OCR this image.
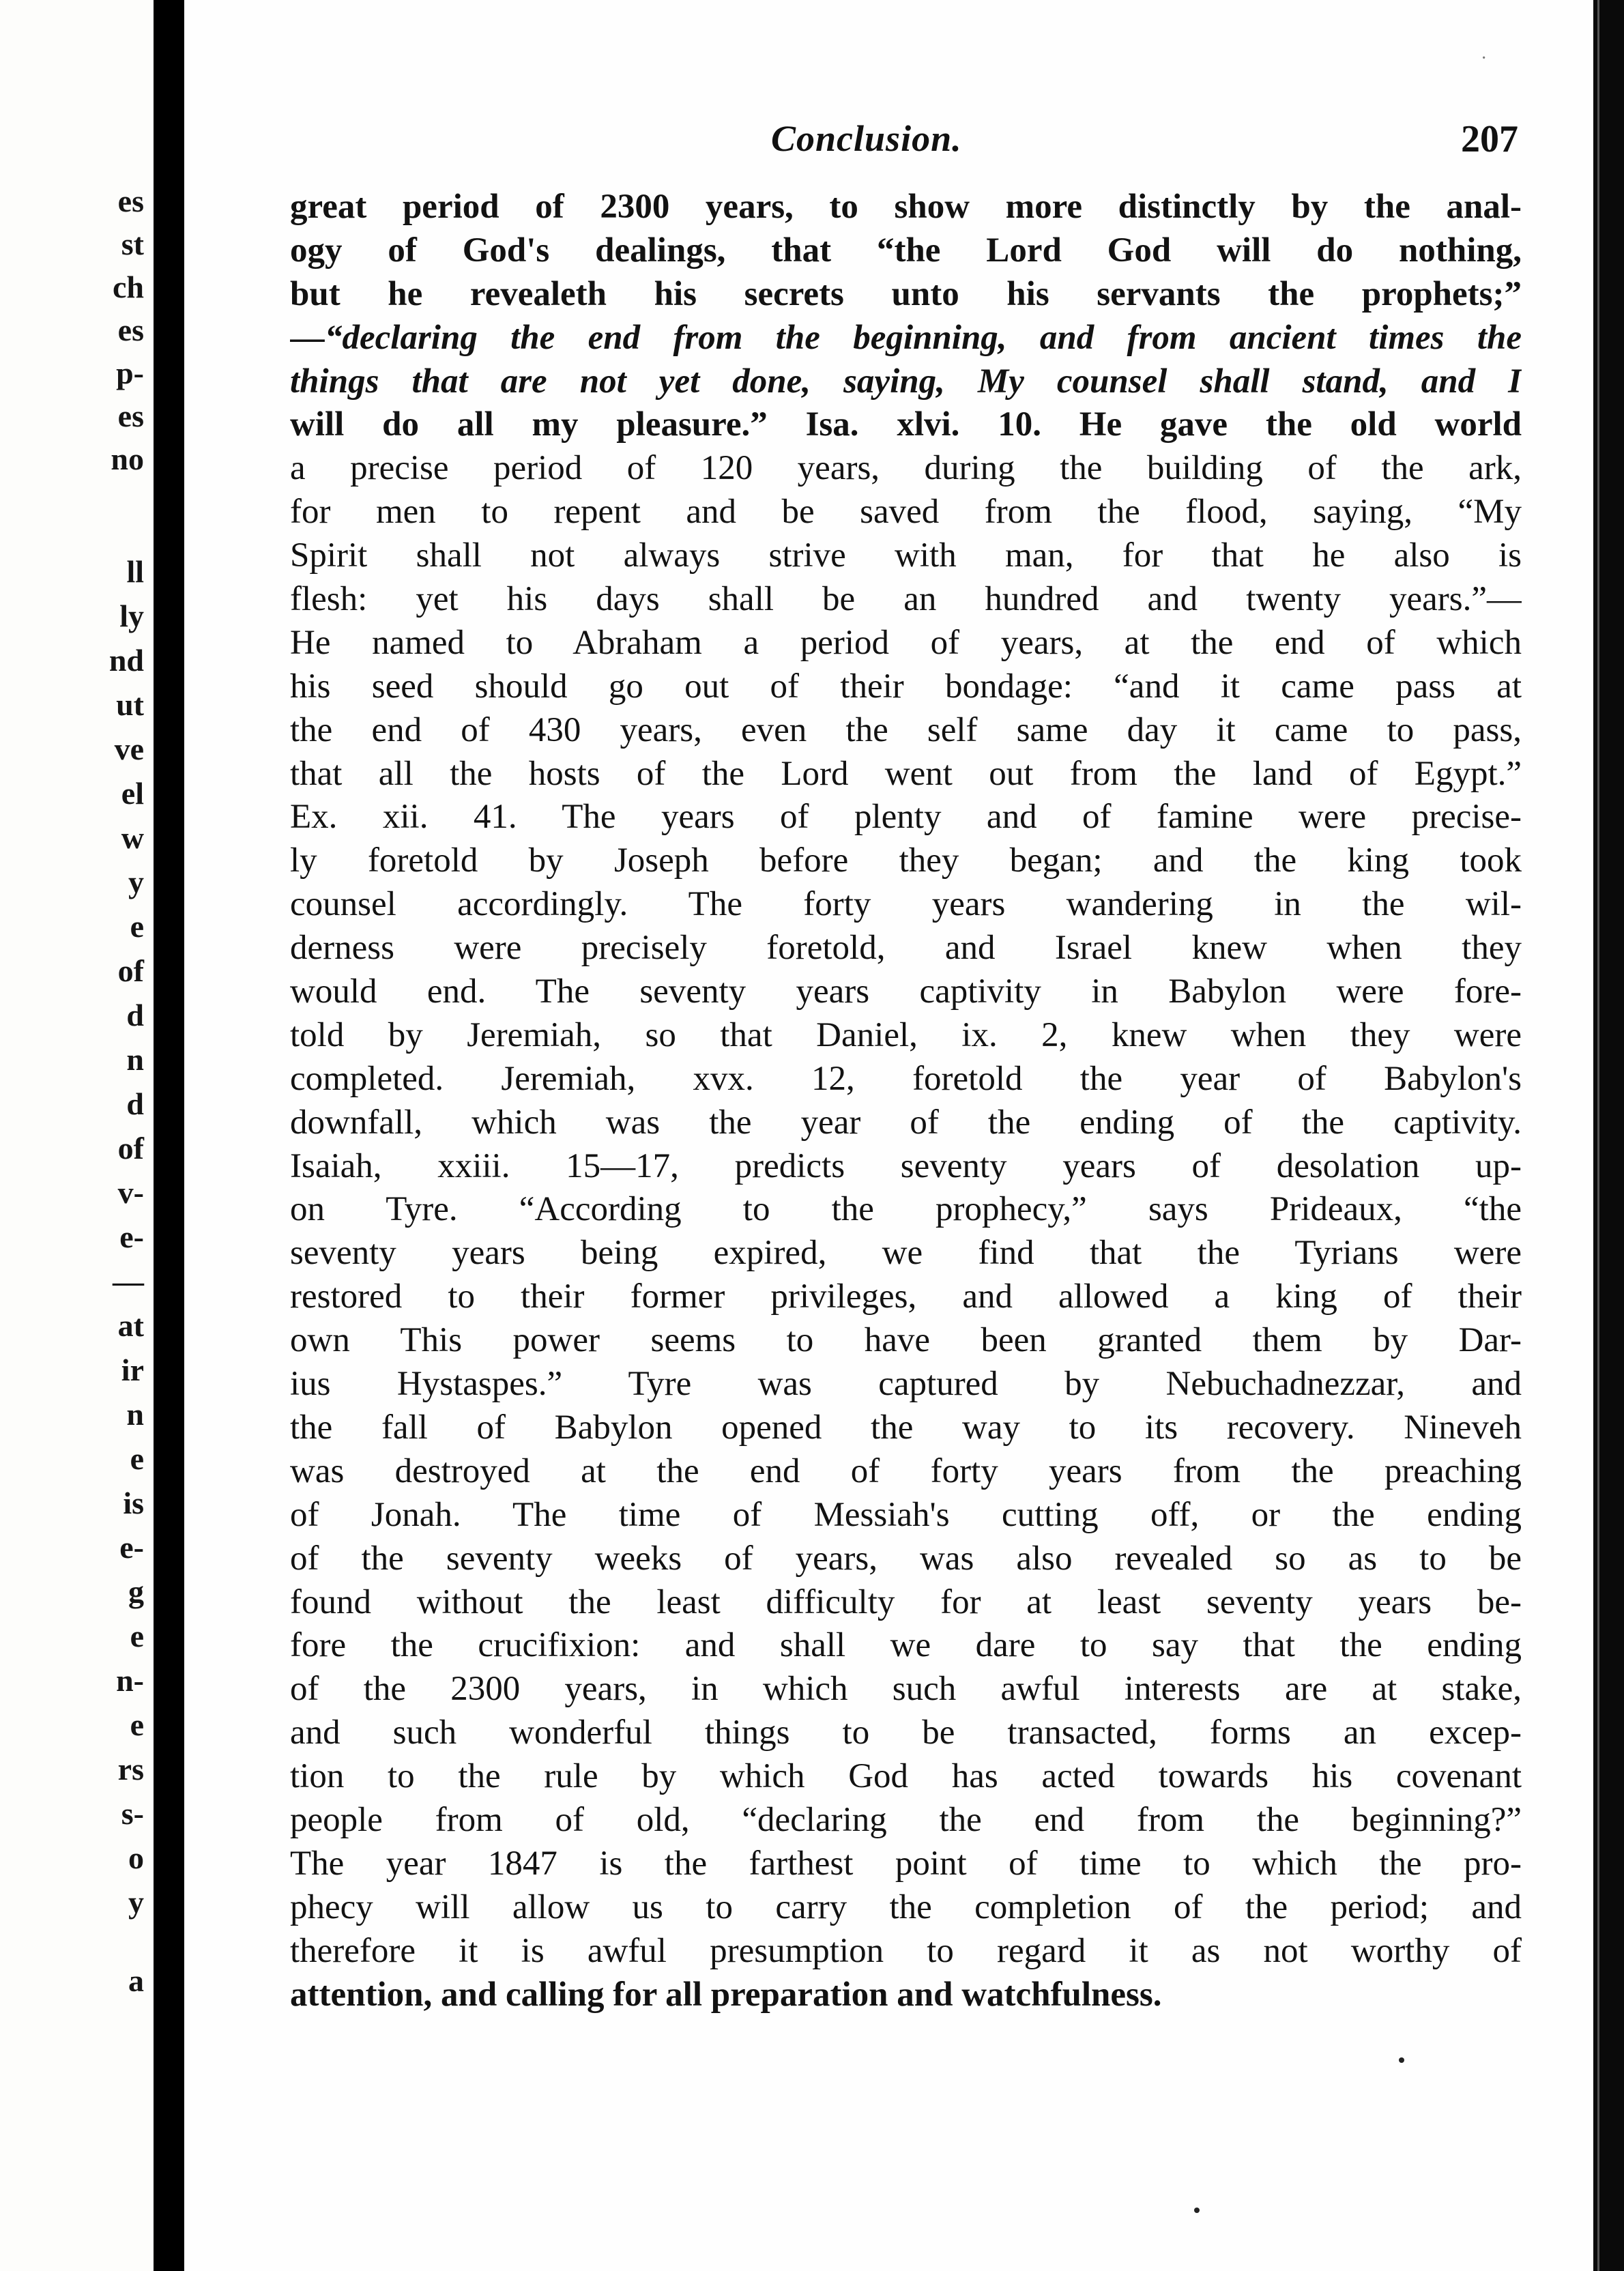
es
st
ch
es
p-
es
no
ll
ly
nd
ut
ve
el
w
y
e
of
d
n
d
of
v-
e-
—
at
ir
n
e
is
e-
g
e
n-
e
rs
s-
o
y
a
·
Conclusion.	207
great period of 2300 years, to show more distinctly by the anal-
ogy of God's dealings, that “the Lord God will do nothing,
but he revealeth his secrets unto his servants the prophets;”
—“declaring the end from the beginning, and from ancient times the
things that are not yet done, saying, My counsel shall stand, and I
will do all my pleasure.” Isa. xlvi. 10. He gave the old world
a precise period of 120 years, during the building of the ark,
for men to repent and be saved from the flood, saying, “My
Spirit shall not always strive with man, for that he also is
flesh: yet his days shall be an hundred and twenty years.”—
He named to Abraham a period of years, at the end of which
his seed should go out of their bondage: “and it came pass at
the end of 430 years, even the self same day it came to pass,
that all the hosts of the Lord went out from the land of Egypt.”
Ex. xii. 41. The years of plenty and of famine were precise-
ly foretold by Joseph before they began; and the king took
counsel accordingly. The forty years wandering in the wil-
derness were precisely foretold, and Israel knew when they
would end. The seventy years captivity in Babylon were fore-
told by Jeremiah, so that Daniel, ix. 2, knew when they were
completed. Jeremiah, xvx. 12, foretold the year of Babylon's
downfall, which was the year of the ending of the captivity.
Isaiah, xxiii. 15—17, predicts seventy years of desolation up-
on Tyre. “According to the prophecy,” says Prideaux, “the
seventy years being expired, we find that the Tyrians were
restored to their former privileges, and allowed a king of their
own This power seems to have been granted them by Dar-
ius Hystaspes.” Tyre was captured by Nebuchadnezzar, and
the fall of Babylon opened the way to its recovery. Nineveh
was destroyed at the end of forty years from the preaching
of Jonah. The time of Messiah's cutting off, or the ending
of the seventy weeks of years, was also revealed so as to be
found without the least difficulty for at least seventy years be-
fore the crucifixion: and shall we dare to say that the ending
of the 2300 years, in which such awful interests are at stake,
and such wonderful things to be transacted, forms an excep-
tion to the rule by which God has acted towards his covenant
people from of old, “declaring the end from the beginning?”
The year 1847 is the farthest point of time to which the pro-
phecy will allow us to carry the completion of the period; and
therefore it is awful presumption to regard it as not worthy of
attention, and calling for all preparation and watchfulness.
